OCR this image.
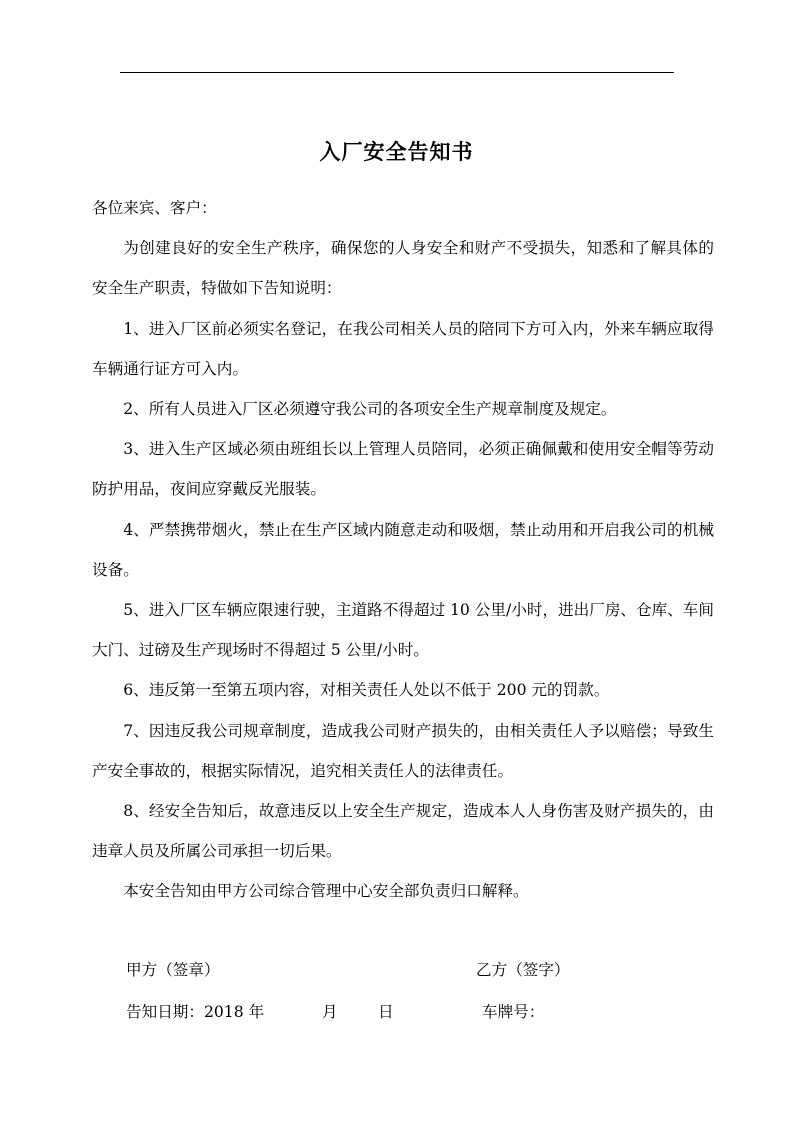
入厂安全告知书

各位来宾、客户：

为创建良好的安全生产秩序，确保您的人身安全和财产不受损失，知悉和了解具体的安全生产职责，特做如下告知说明：

1、进入厂区前必须实名登记，在我公司相关人员的陪同下方可入内，外来车辆应取得车辆通行证方可入内。

2、所有人员进入厂区必须遵守我公司的各项安全生产规章制度及规定。

3、进入生产区域必须由班组长以上管理人员陪同，必须正确佩戴和使用安全帽等劳动防护用品，夜间应穿戴反光服装。

4、严禁携带烟火，禁止在生产区域内随意走动和吸烟，禁止动用和开启我公司的机械设备。

5、进入厂区车辆应限速行驶，主道路不得超过 10 公里/小时，进出厂房、仓库、车间大门、过磅及生产现场时不得超过 5 公里/小时。

6、违反第一至第五项内容，对相关责任人处以不低于 200 元的罚款。

7、因违反我公司规章制度，造成我公司财产损失的，由相关责任人予以赔偿；导致生产安全事故的，根据实际情况，追究相关责任人的法律责任。

8、经安全告知后，故意违反以上安全生产规定，造成本人人身伤害及财产损失的，由违章人员及所属公司承担一切后果。

本安全告知由甲方公司综合管理中心安全部负责归口解释。

甲方（签章）	乙方（签字）
告知日期：2018 年	月	日	车牌号：
